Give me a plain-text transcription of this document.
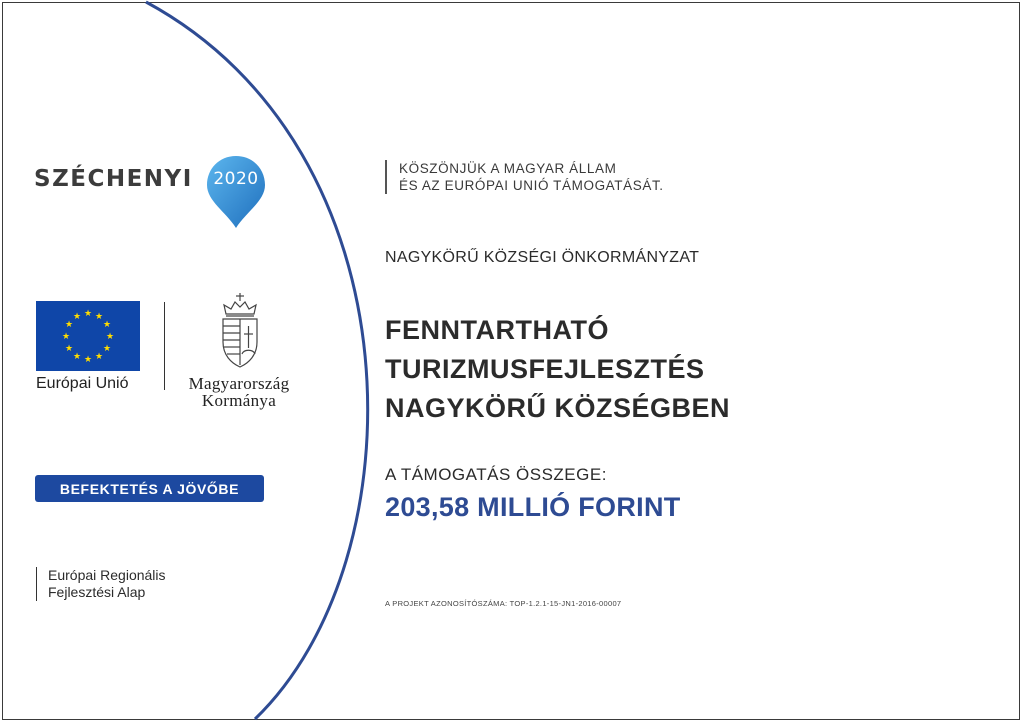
SZÉCHENYI	2020
★ ★
★
★
★
★
★
★
★
★
★
★
Európai Unió	Magyarország
Kormánya
BEFEKTETÉS A JÖVŐBE
Európai Regionális
Fejlesztési Alap
KÖSZÖNJÜK A MAGYAR ÁLLAM
ÉS AZ EURÓPAI UNIÓ TÁMOGATÁSÁT.
NAGYKÖRŰ KÖZSÉGI ÖNKORMÁNYZAT
FENNTARTHATÓ
TURIZMUSFEJLESZTÉS
NAGYKÖRŰ KÖZSÉGBEN
A TÁMOGATÁS ÖSSZEGE:
203,58 MILLIÓ FORINT
A PROJEKT AZONOSÍTÓSZÁMA: TOP-1.2.1-15-JN1-2016-00007
